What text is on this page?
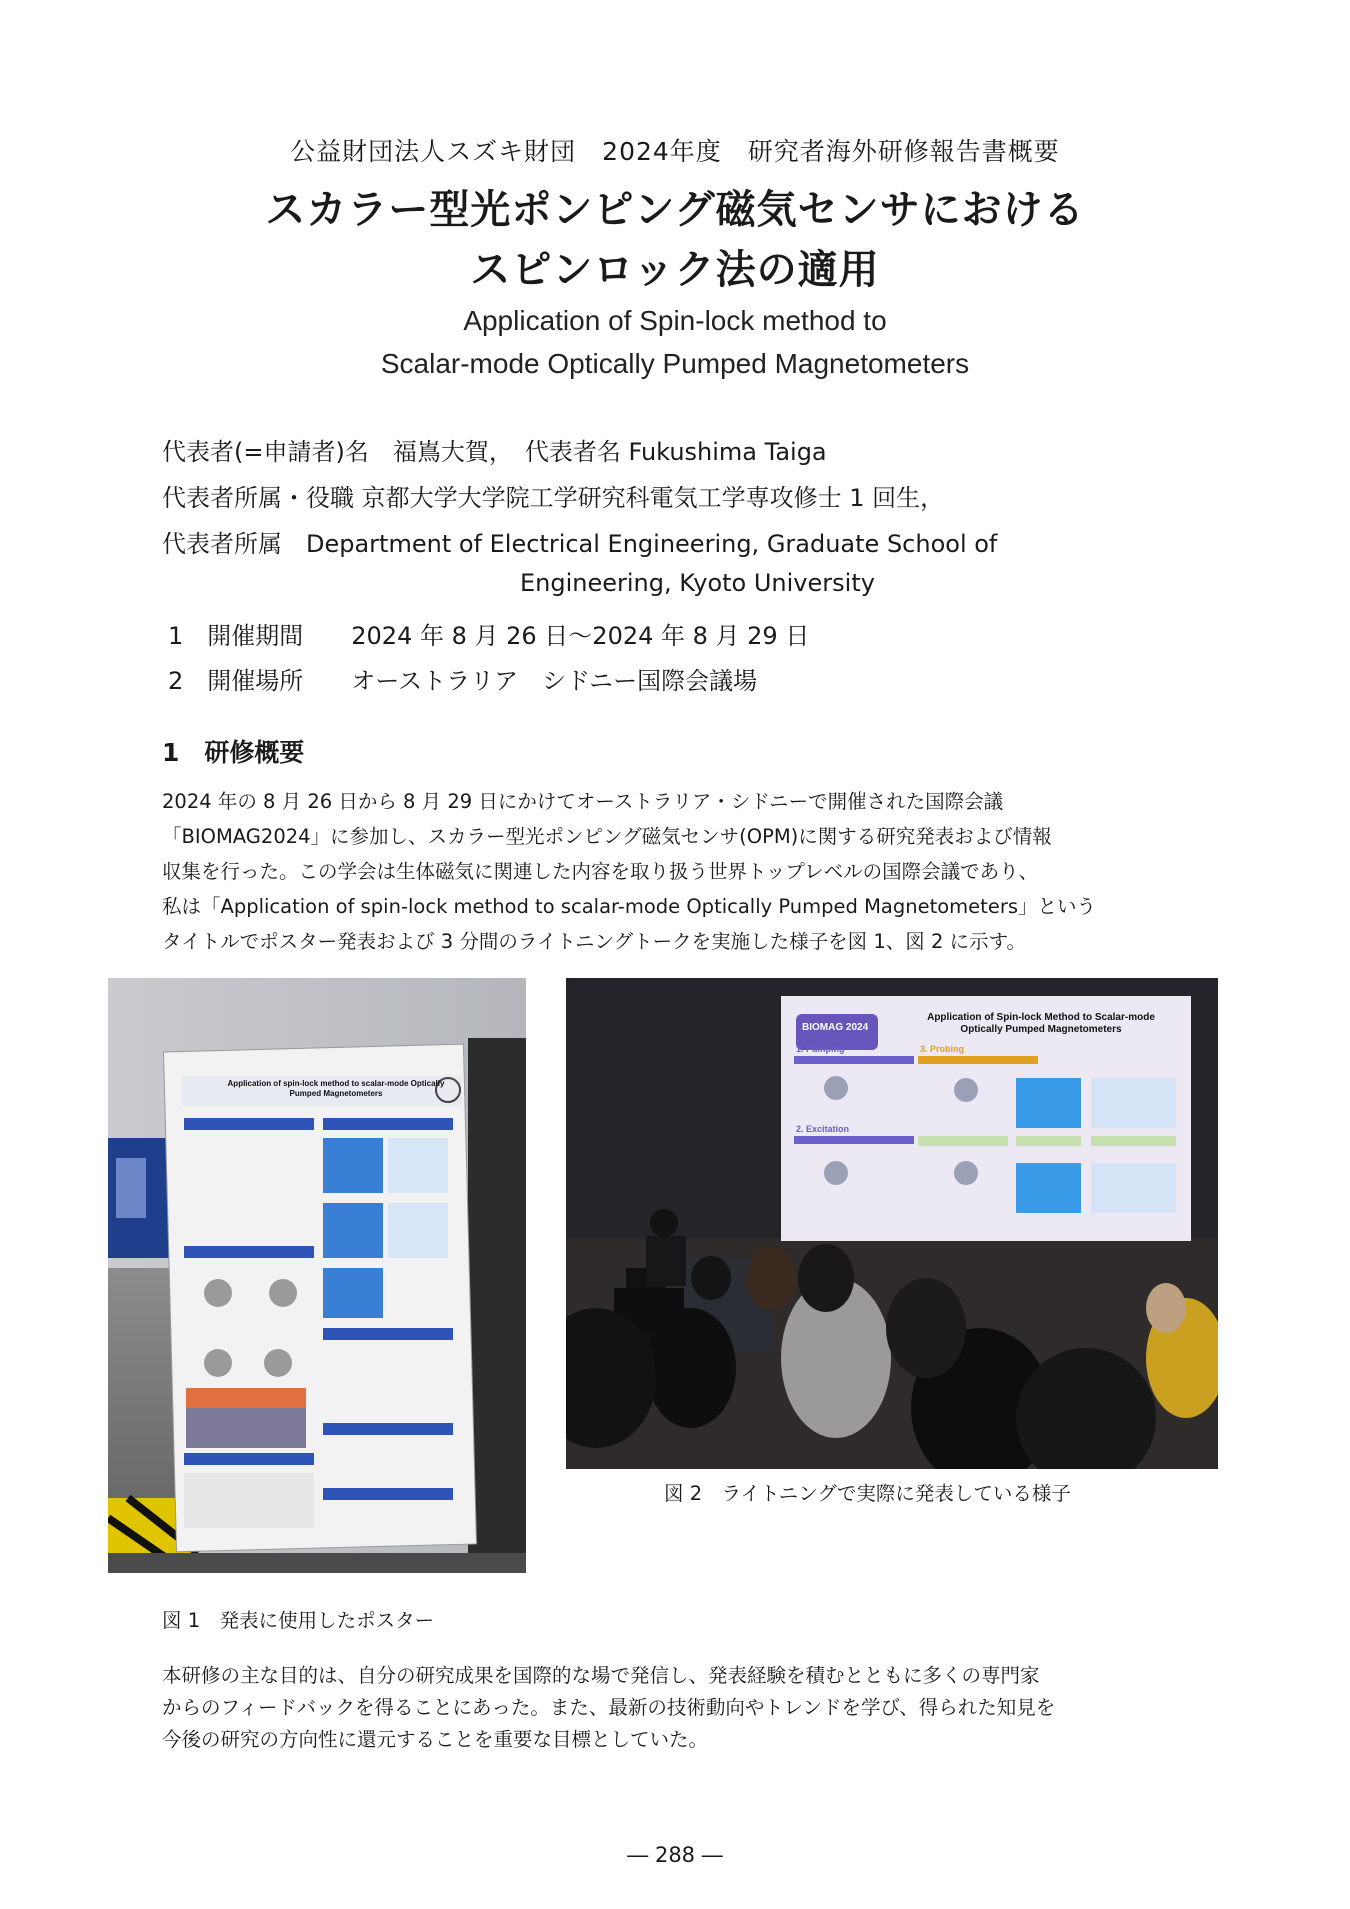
公益財団法人スズキ財団　2024年度　研究者海外研修報告書概要
スカラー型光ポンピング磁気センサにおける
スピンロック法の適用
Application of Spin-lock method to
Scalar-mode Optically Pumped Magnetometers
代表者(=申請者)名　福嶌大賀，　代表者名 Fukushima Taiga
代表者所属・役職 京都大学大学院工学研究科電気工学専攻修士 1 回生，
代表者所属　Department of Electrical Engineering, Graduate School of
Engineering, Kyoto University
1　開催期間　　2024 年 8 月 26 日～2024 年 8 月 29 日
2　開催場所　　オーストラリア　シドニー国際会議場
1　研修概要

2024 年の 8 月 26 日から 8 月 29 日にかけてオーストラリア・シドニーで開催された国際会議

「BIOMAG2024」に参加し、スカラー型光ポンピング磁気センサ(OPM)に関する研究発表および情報

収集を行った。この学会は生体磁気に関連した内容を取り扱う世界トップレベルの国際会議であり、

私は「Application of spin-lock method to scalar-mode Optically Pumped Magnetometers」という

タイトルでポスター発表および 3 分間のライトニングトークを実施した様子を図 1、図 2 に示す。

Application of spin-lock method to scalar-mode Optically Pumped Magnetometers
BIOMAG 2024
Application of Spin-lock Method to Scalar-mode Optically Pumped Magnetometers
1. Pumping	3. Probing
2. Excitation
図 2　ライトニングで実際に発表している様子
図 1　発表に使用したポスター

本研修の主な目的は、自分の研究成果を国際的な場で発信し、発表経験を積むとともに多くの専門家

からのフィードバックを得ることにあった。また、最新の技術動向やトレンドを学び、得られた知見を

今後の研究の方向性に還元することを重要な目標としていた。

― 288 ―
